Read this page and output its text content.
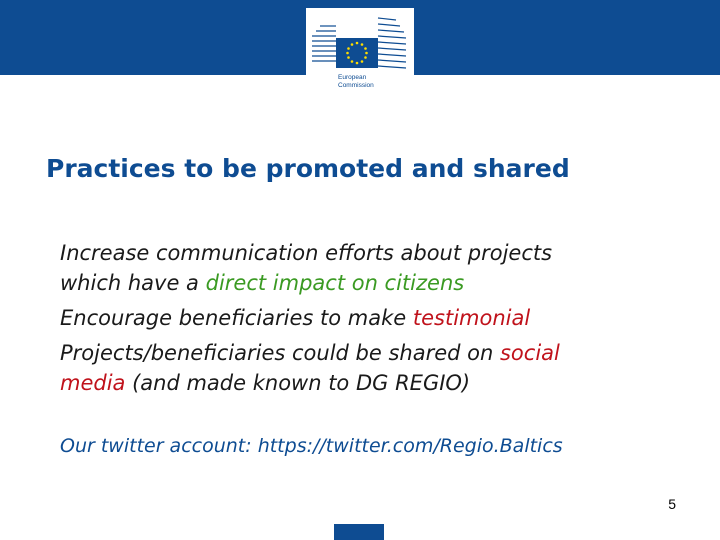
European
Commission
Practices to be promoted and shared
Increase communication efforts about projects
which have a direct impact on citizens
Encourage beneficiaries to make testimonial
Projects/beneficiaries could be shared on social
media (and made known to DG REGIO)
Our twitter account: https://twitter.com/Regio.Baltics
5
